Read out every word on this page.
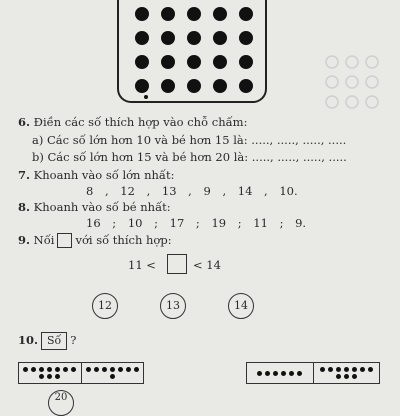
6. Điền các số thích hợp vào chỗ chấm:
a) Các số lớn hơn 10 và bé hơn 15 là: ....., ....., ....., .....
b) Các số lớn hơn 15 và bé hơn 20 là: ....., ....., ....., .....
7. Khoanh vào số lớn nhất:
8 , 12 , 13 , 9 , 14 , 10.
8. Khoanh vào số bé nhất:
16 ; 10 ; 17 ; 19 ; 11 ; 9.
9. Nối với số thích hợp:
11 <	< 14
12	13	14
10. Số ?
20
